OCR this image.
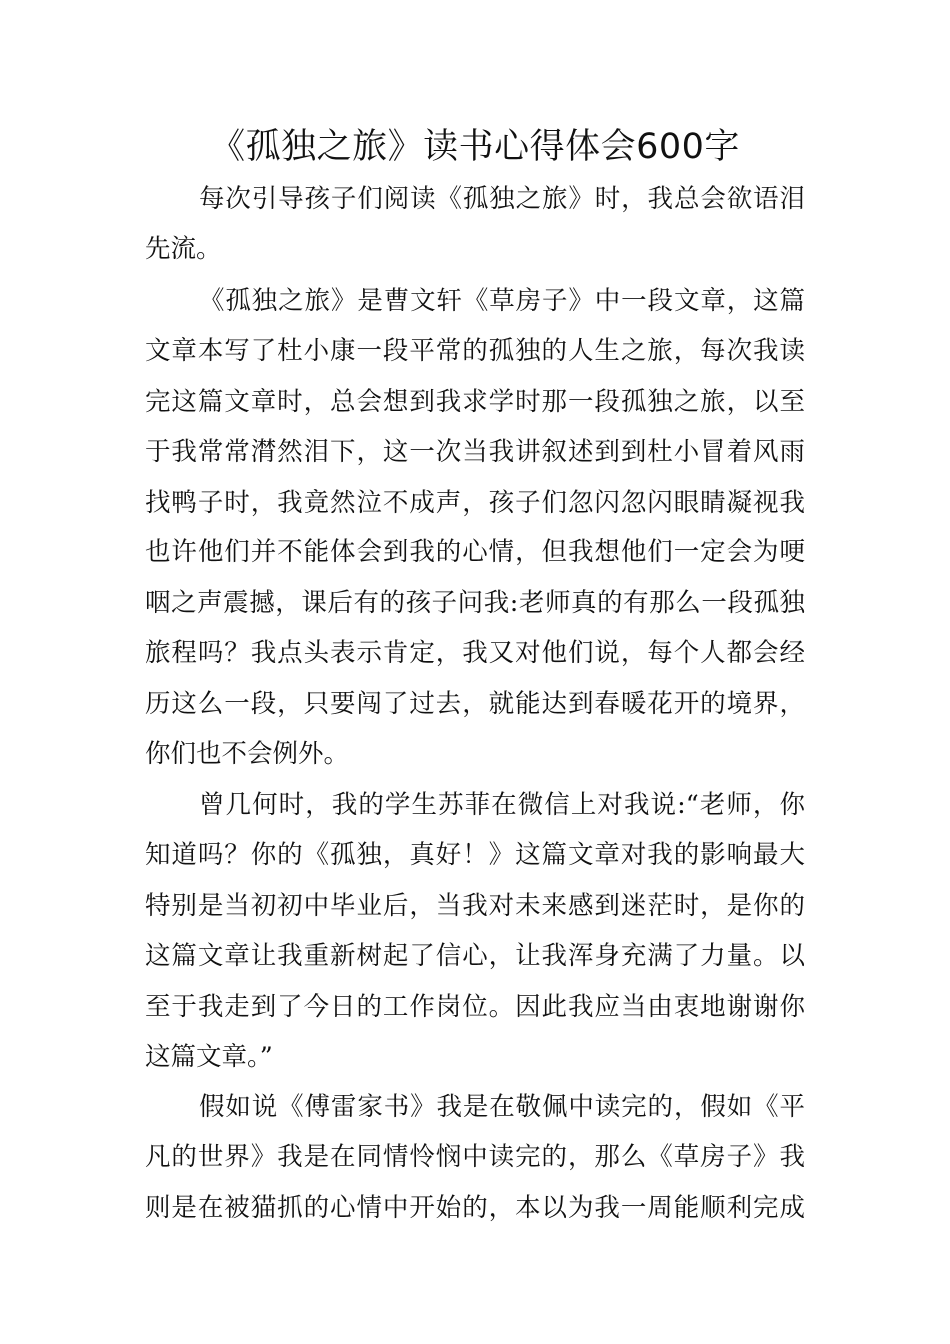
《孤独之旅》读书心得体会600字
每次引导孩子们阅读《孤独之旅》时，我总会欲语泪
先流。
《孤独之旅》是曹文轩《草房子》中一段文章，这篇
文章本写了杜小康一段平常的孤独的人生之旅，每次我读
完这篇文章时，总会想到我求学时那一段孤独之旅，以至
于我常常潸然泪下，这一次当我讲叙述到到杜小冒着风雨
找鸭子时，我竟然泣不成声，孩子们忽闪忽闪眼睛凝视我
也许他们并不能体会到我的心情，但我想他们一定会为哽
咽之声震撼，课后有的孩子问我:老师真的有那么一段孤独
旅程吗？我点头表示肯定，我又对他们说，每个人都会经
历这么一段，只要闯了过去，就能达到春暖花开的境界，
你们也不会例外。
曾几何时，我的学生苏菲在微信上对我说:“老师，你
知道吗？你的《孤独，真好！》这篇文章对我的影响最大
特别是当初初中毕业后，当我对未来感到迷茫时，是你的
这篇文章让我重新树起了信心，让我浑身充满了力量。以
至于我走到了今日的工作岗位。因此我应当由衷地谢谢你
这篇文章。”
假如说《傅雷家书》我是在敬佩中读完的，假如《平
凡的世界》我是在同情怜悯中读完的，那么《草房子》我
则是在被猫抓的心情中开始的，本以为我一周能顺利完成
